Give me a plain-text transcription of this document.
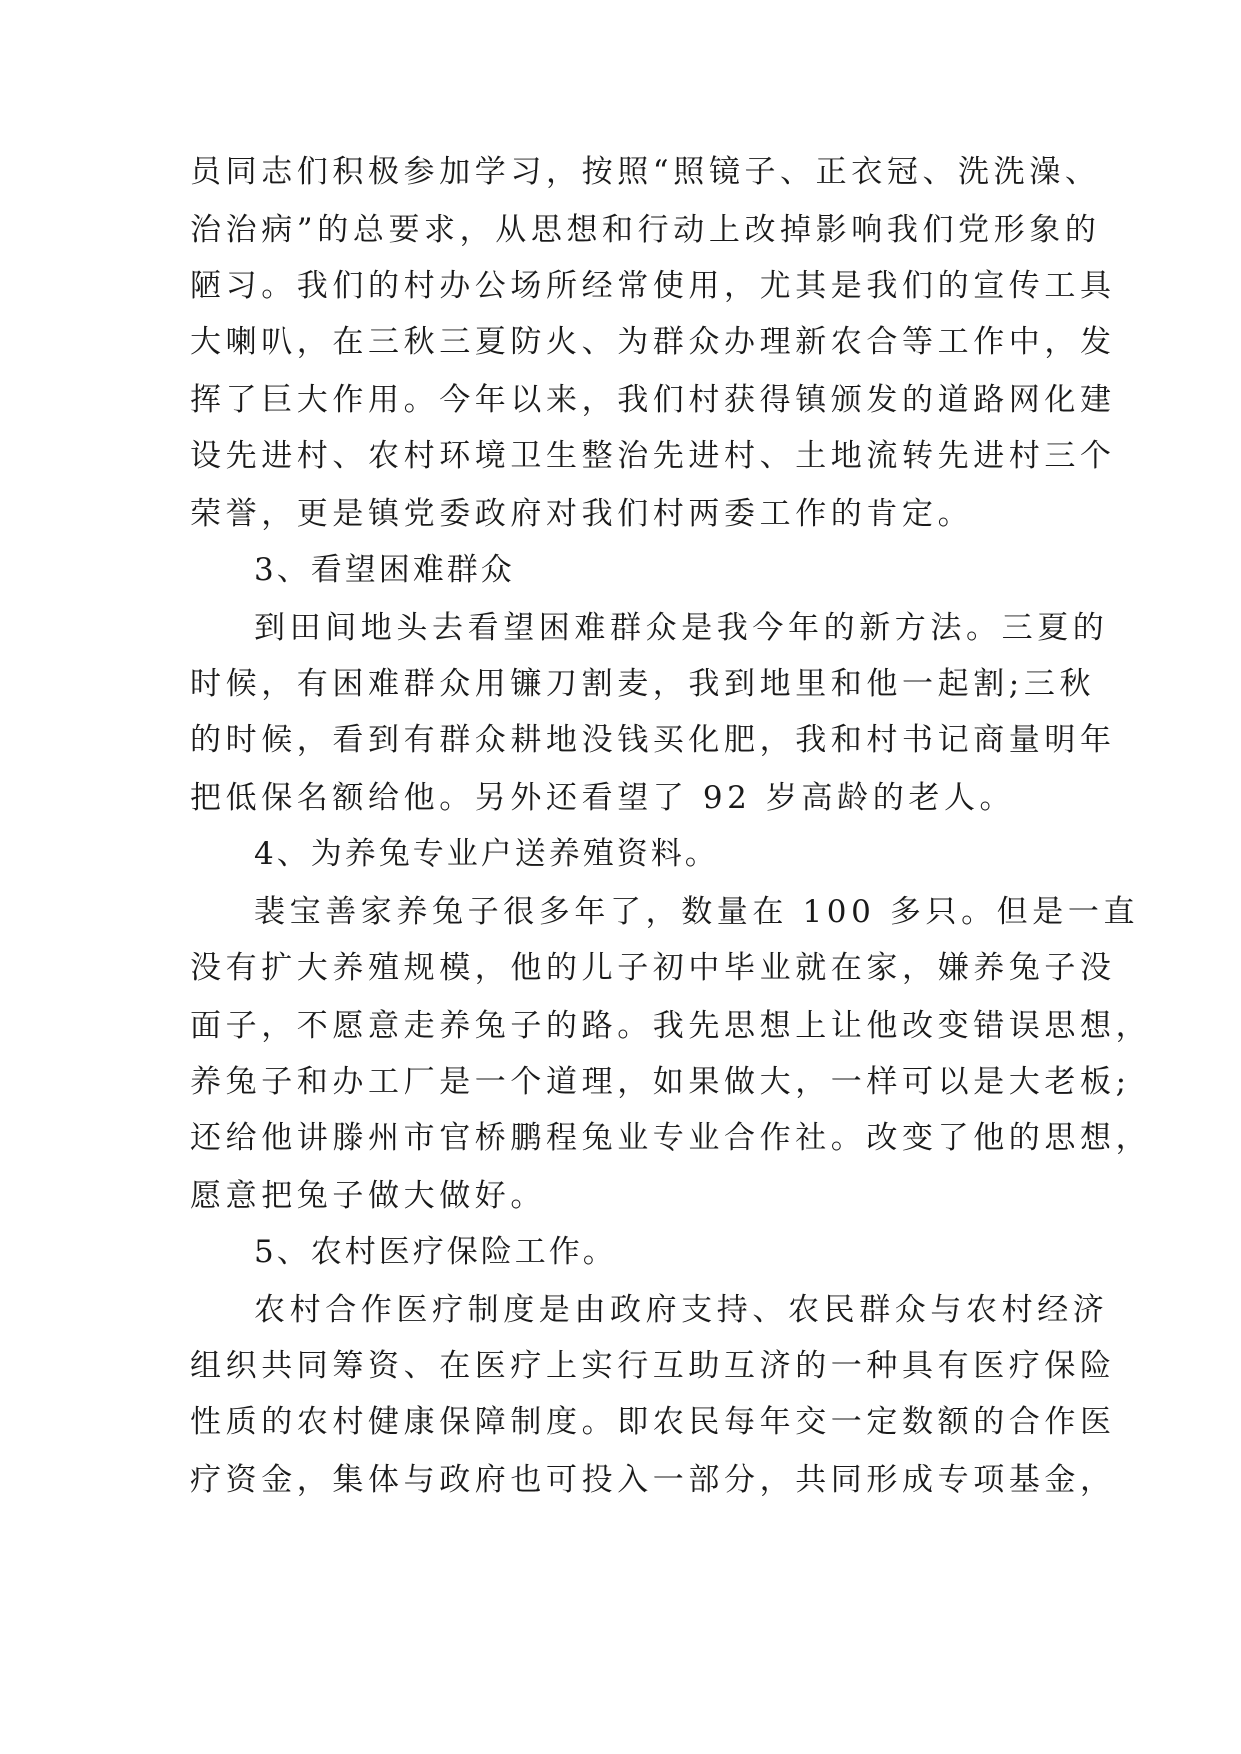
员同志们积极参加学习，按照“照镜子、正衣冠、洗洗澡、
治治病”的总要求，从思想和行动上改掉影响我们党形象的
陋习。我们的村办公场所经常使用，尤其是我们的宣传工具
大喇叭，在三秋三夏防火、为群众办理新农合等工作中，发
挥了巨大作用。今年以来，我们村获得镇颁发的道路网化建
设先进村、农村环境卫生整治先进村、土地流转先进村三个
荣誉，更是镇党委政府对我们村两委工作的肯定。
3、看望困难群众
到田间地头去看望困难群众是我今年的新方法。三夏的
时候，有困难群众用镰刀割麦，我到地里和他一起割;三秋
的时候，看到有群众耕地没钱买化肥，我和村书记商量明年
把低保名额给他。另外还看望了 92 岁高龄的老人。
4、为养兔专业户送养殖资料。
裴宝善家养兔子很多年了，数量在 100 多只。但是一直
没有扩大养殖规模，他的儿子初中毕业就在家，嫌养兔子没
面子，不愿意走养兔子的路。我先思想上让他改变错误思想，
养兔子和办工厂是一个道理，如果做大，一样可以是大老板;
还给他讲滕州市官桥鹏程兔业专业合作社。改变了他的思想，
愿意把兔子做大做好。
5、农村医疗保险工作。
农村合作医疗制度是由政府支持、农民群众与农村经济
组织共同筹资、在医疗上实行互助互济的一种具有医疗保险
性质的农村健康保障制度。即农民每年交一定数额的合作医
疗资金，集体与政府也可投入一部分，共同形成专项基金，
